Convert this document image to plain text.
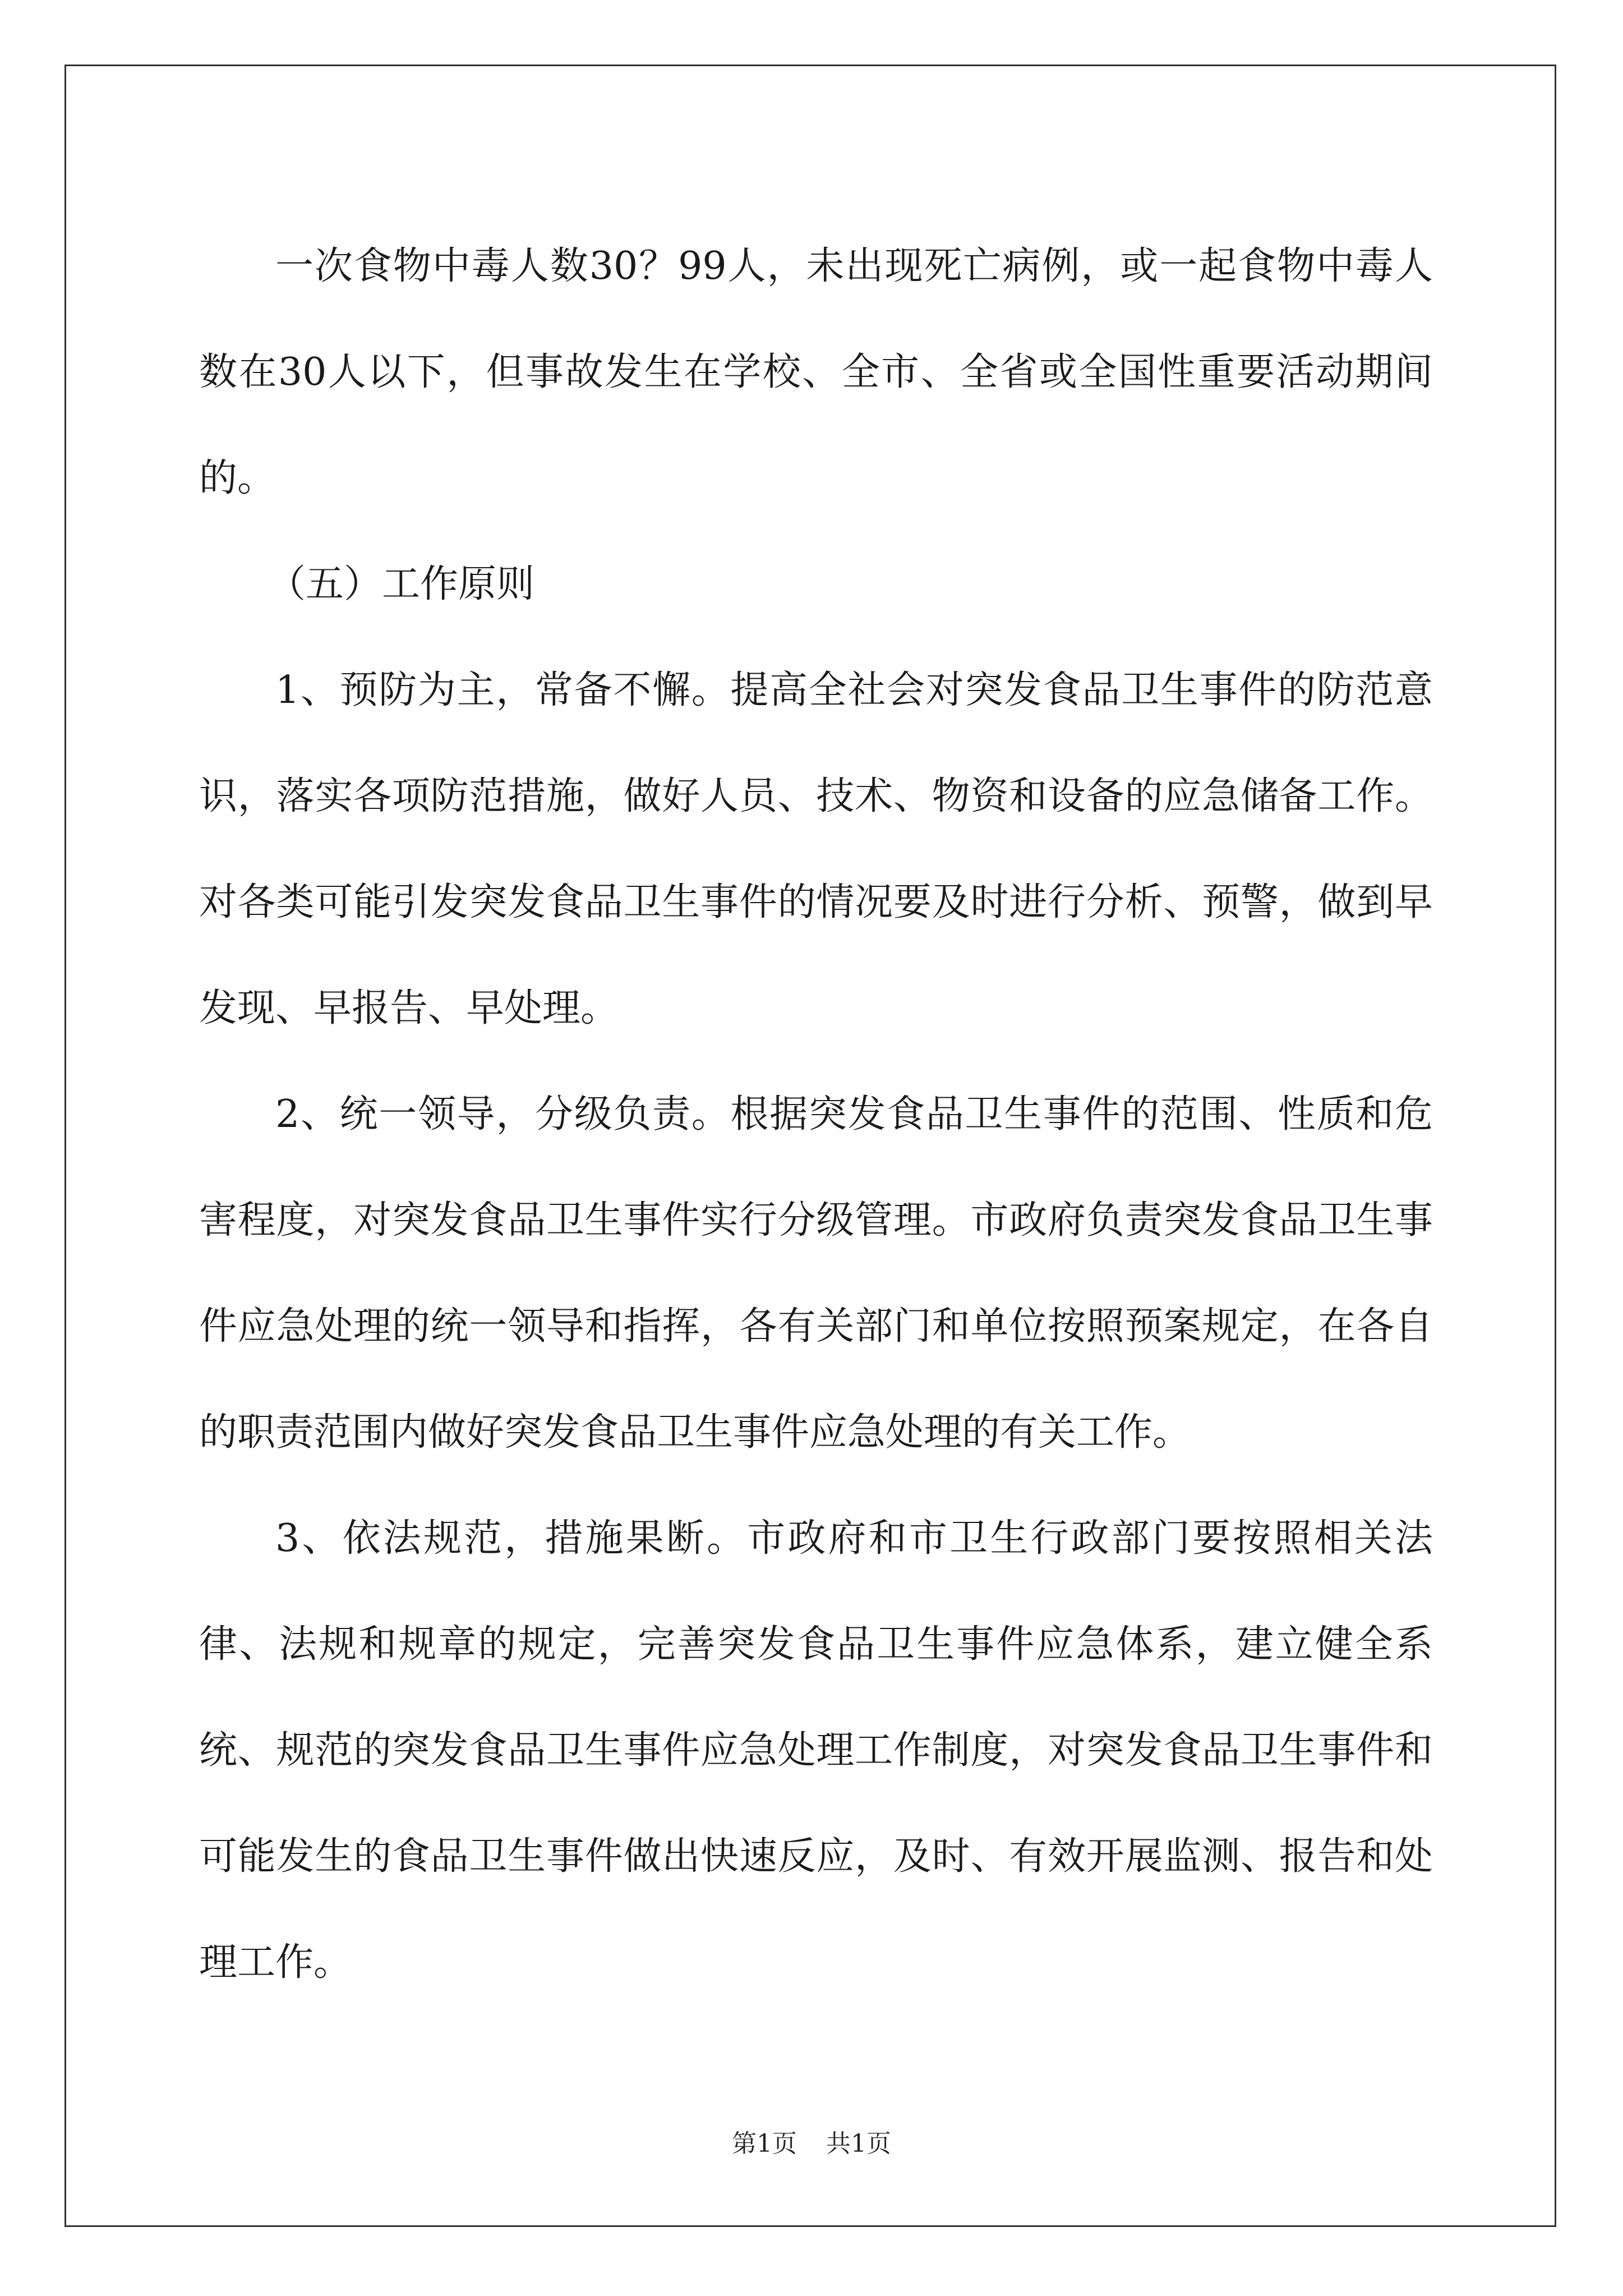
一次食物中毒人数30？99人，未出现死亡病例，或一起食物中毒人数在30人以下，但事故发生在学校、全市、全省或全国性重要活动期间的。

（五）工作原则

1、预防为主，常备不懈。提高全社会对突发食品卫生事件的防范意识，落实各项防范措施，做好人员、技术、物资和设备的应急储备工作。对各类可能引发突发食品卫生事件的情况要及时进行分析、预警，做到早发现、早报告、早处理。

2、统一领导，分级负责。根据突发食品卫生事件的范围、性质和危害程度，对突发食品卫生事件实行分级管理。市政府负责突发食品卫生事件应急处理的统一领导和指挥，各有关部门和单位按照预案规定，在各自的职责范围内做好突发食品卫生事件应急处理的有关工作。

3、依法规范，措施果断。市政府和市卫生行政部门要按照相关法律、法规和规章的规定，完善突发食品卫生事件应急体系，建立健全系统、规范的突发食品卫生事件应急处理工作制度，对突发食品卫生事件和可能发生的食品卫生事件做出快速反应，及时、有效开展监测、报告和处理工作。

第1页 共1页
